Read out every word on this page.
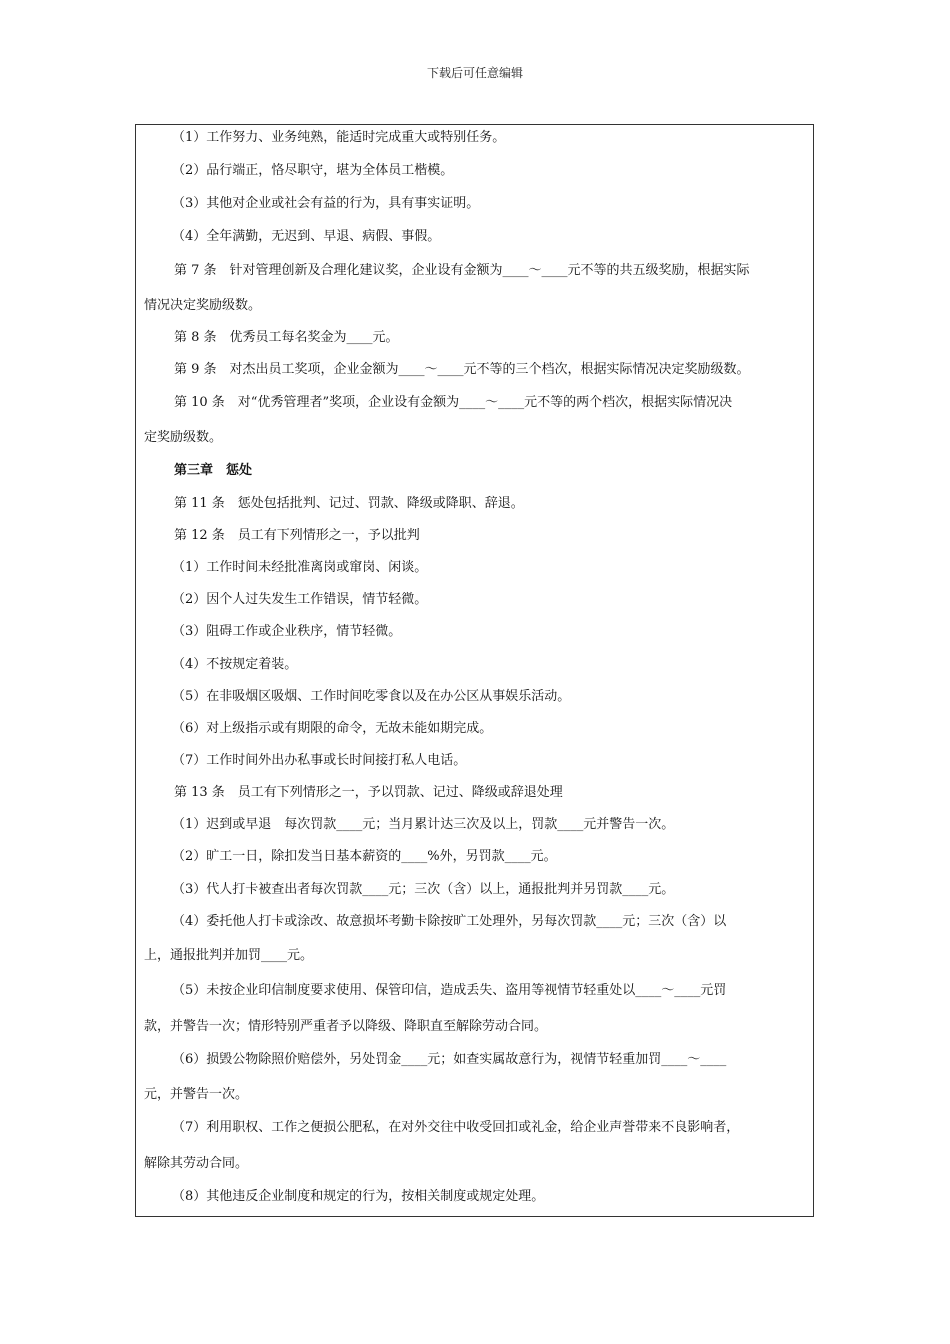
下载后可任意编辑
（1）工作努力、业务纯熟，能适时完成重大或特别任务。
（2）品行端正，恪尽职守，堪为全体员工楷模。
（3）其他对企业或社会有益的行为，具有事实证明。
（4）全年满勤，无迟到、早退、病假、事假。
第 7 条　针对管理创新及合理化建议奖，企业设有金额为____～____元不等的共五级奖励，根据实际
情况决定奖励级数。
第 8 条　优秀员工每名奖金为____元。
第 9 条　对杰出员工奖项，企业金额为____～____元不等的三个档次，根据实际情况决定奖励级数。
第 10 条　对“优秀管理者”奖项，企业设有金额为____～____元不等的两个档次，根据实际情况决
定奖励级数。
第三章　惩处
第 11 条　惩处包括批判、记过、罚款、降级或降职、辞退。
第 12 条　员工有下列情形之一，予以批判
（1）工作时间未经批准离岗或窜岗、闲谈。
（2）因个人过失发生工作错误，情节轻微。
（3）阻碍工作或企业秩序，情节轻微。
（4）不按规定着装。
（5）在非吸烟区吸烟、工作时间吃零食以及在办公区从事娱乐活动。
（6）对上级指示或有期限的命令，无故未能如期完成。
（7）工作时间外出办私事或长时间接打私人电话。
第 13 条　员工有下列情形之一，予以罚款、记过、降级或辞退处理
（1）迟到或早退　每次罚款____元；当月累计达三次及以上，罚款____元并警告一次。
（2）旷工一日，除扣发当日基本薪资的____%外，另罚款____元。
（3）代人打卡被查出者每次罚款____元；三次（含）以上，通报批判并另罚款____元。
（4）委托他人打卡或涂改、故意损坏考勤卡除按旷工处理外，另每次罚款____元；三次（含）以
上，通报批判并加罚____元。
（5）未按企业印信制度要求使用、保管印信，造成丢失、盗用等视情节轻重处以____～____元罚
款，并警告一次；情形特别严重者予以降级、降职直至解除劳动合同。
（6）损毁公物除照价赔偿外，另处罚金____元；如查实属故意行为，视情节轻重加罚____～____
元，并警告一次。
（7）利用职权、工作之便损公肥私，在对外交往中收受回扣或礼金，给企业声誉带来不良影响者，
解除其劳动合同。
（8）其他违反企业制度和规定的行为，按相关制度或规定处理。
